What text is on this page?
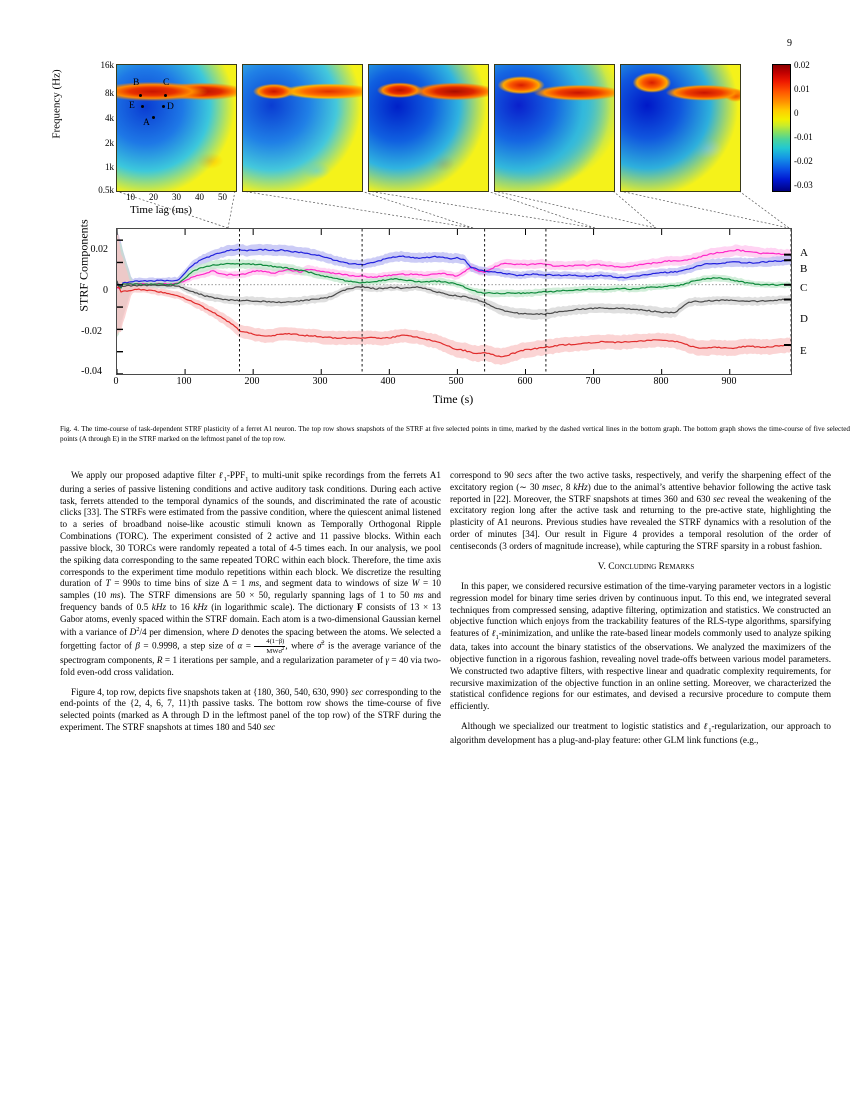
9
Frequency (Hz)
16k
8k
4k
2k
1k
0.5k
B C
E	D
A
10 20 30 40 50
Time lag (ms)
0.02
0.01
0
-0.01
-0.02
-0.03
STRF Components 0.02
0
-0.02
-0.04
0	100	200	300	400	500	600	700	800	900
Time (s)
A
B
C
D
E
Fig. 4. The time-course of task-dependent STRF plasticity of a ferret A1 neuron. The top row shows snapshots of the STRF at five selected points in time, marked by the dashed vertical lines in the bottom graph. The bottom graph shows the time-course of five selected points (A through E) in the STRF marked on the leftmost panel of the top row.

We apply our proposed adaptive filter $\ell_1-PPF_1$ to multi-unit spike recordings from the ferrets A1 during a series of passive listening conditions and active auditory task conditions. During each active task, ferrets attended to the temporal dynamics of the sounds, and discriminated the rate of acoustic clicks [33]. The STRFs were estimated from the passive condition, where the quiescent animal listened to a series of broadband noise-like acoustic stimuli known as Temporally Orthogonal Ripple Combinations (TORC). The experiment consisted of 2 active and 11 passive blocks. Within each passive block, 30 TORCs were randomly repeated a total of 4-5 times each. In our analysis, we pool the spiking data corresponding to the same repeated TORC within each block. Therefore, the time axis corresponds to the experiment time modulo repetitions within each block. We discretize the resulting duration of T = 990s to time bins of size Δ = 1 ms, and segment data to windows of size W = 10 samples (10 ms). The STRF dimensions are 50 × 50, regularly spanning lags of 1 to 50 ms and frequency bands of 0.5 kHz to 16 kHz (in logarithmic scale). The dictionary F consists of 13 × 13 Gabor atoms, evenly spaced within the STRF domain. Each atom is a two-dimensional Gaussian kernel with a variance of $D^2/4$ per dimension, where D denotes the spacing between the atoms. We selected a forgetting factor of β = 0.9998, a step size of $\alpha = \frac{4(1-\beta)}{MW\sigmā^2}$ , where σ̄$^2$ is the average variance of the spectrogram components, R = 1 iterations per sample, and a regularization parameter of γ = 40 via two-fold even-odd cross validation.

Figure 4, top row, depicts five snapshots taken at {180, 360, 540, 630, 990} sec corresponding to the end-points of the {2, 4, 6, 7, 11}th passive tasks. The bottom row shows the time-course of five selected points (marked as A through D in the leftmost panel of the top row) of the STRF during the experiment. The STRF snapshots at times 180 and 540 sec

correspond to 90 secs after the two active tasks, respectively, and verify the sharpening effect of the excitatory region (∼ 30 msec, 8 kHz) due to the animal’s attentive behavior following the active task reported in [22]. Moreover, the STRF snapshots at times 360 and 630 sec reveal the weakening of the excitatory region long after the active task and returning to the pre-active state, highlighting the plasticity of A1 neurons. Previous studies have revealed the STRF dynamics with a resolution of the order of minutes [34]. Our result in Figure 4 provides a temporal resolution of the order of centiseconds (3 orders of magnitude increase), while capturing the STRF sparsity in a robust fashion.

V. Concluding Remarks

In this paper, we considered recursive estimation of the time-varying parameter vectors in a logistic regression model for binary time series driven by continuous input. To this end, we integrated several techniques from compressed sensing, adaptive filtering, optimization and statistics. We constructed an objective function which enjoys from the trackability features of the RLS-type algorithms, sparsifying features of ℓ$_1$-minimization, and unlike the rate-based linear models commonly used to analyze spiking data, takes into account the binary statistics of the observations. We analyzed the maximizers of the objective function in a rigorous fashion, revealing novel trade-offs between various model parameters. We constructed two adaptive filters, with respective linear and quadratic complexity requirements, for recursive maximization of the objective function in an online setting. Moreover, we characterized the statistical confidence regions for our estimates, and devised a recursive procedure to compute them efficiently.

Although we specialized our treatment to logistic statistics and ℓ$_1$-regularization, our approach to algorithm development has a plug-and-play feature: other GLM link functions (e.g.,
